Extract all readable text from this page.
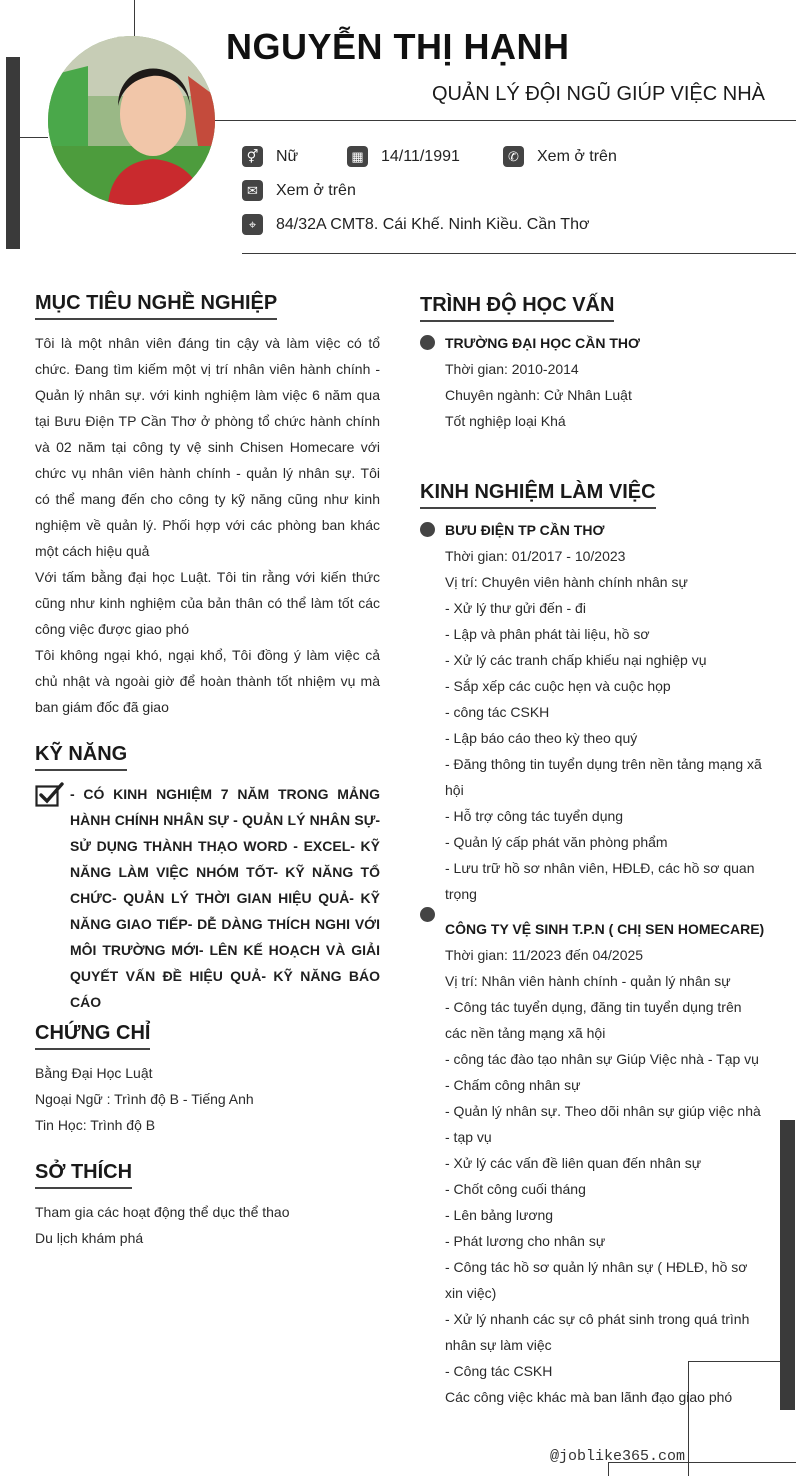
NGUYỄN THỊ HẠNH
QUẢN LÝ ĐỘI NGŨ GIÚP VIỆC NHÀ
⚥ Nữ	▦ 14/11/1991	✆	Xem ở trên
✉	Xem ở trên
⌖	84/32A CMT8. Cái Khế. Ninh Kiều. Cần Thơ
MỤC TIÊU NGHỀ NGHIỆP

Tôi là một nhân viên đáng tin cậy và làm việc có tổ chức. Đang tìm kiếm một vị trí nhân viên hành chính - Quản lý nhân sự. với kinh nghiệm làm việc 6 năm qua tại Bưu Điện TP Cần Thơ ở phòng tổ chức hành chính và 02 năm tại công ty vệ sinh Chisen Homecare với chức vụ nhân viên hành chính - quản lý nhân sự. Tôi có thể mang đến cho công ty kỹ năng cũng như kinh nghiệm về quản lý. Phối hợp với các phòng ban khác một cách hiệu quả

Với tấm bằng đại học Luật. Tôi tin rằng với kiến thức cũng như kinh nghiệm của bản thân có thể làm tốt các công việc được giao phó

Tôi không ngại khó, ngại khổ, Tôi đồng ý làm việc cả chủ nhật và ngoài giờ để hoàn thành tốt nhiệm vụ mà ban giám đốc đã giao

KỸ NĂNG
- CÓ KINH NGHIỆM 7 NĂM TRONG MẢNG HÀNH CHÍNH NHÂN SỰ - QUẢN LÝ NHÂN SỰ- SỬ DỤNG THÀNH THẠO WORD - EXCEL- KỸ NĂNG LÀM VIỆC NHÓM TỐT- KỸ NĂNG TỔ CHỨC- QUẢN LÝ THỜI GIAN HIỆU QUẢ- KỸ NĂNG GIAO TIẾP- DỄ DÀNG THÍCH NGHI VỚI MÔI TRƯỜNG MỚI- LÊN KẾ HOẠCH VÀ GIẢI QUYẾT VẤN ĐỀ HIỆU QUẢ- KỸ NĂNG BÁO CÁO
CHỨNG CHỈ
Bằng Đại Học Luật
Ngoại Ngữ : Trình độ B - Tiếng Anh
Tin Học: Trình độ B
SỞ THÍCH
Tham gia các hoạt động thể dục thể thao
Du lịch khám phá
TRÌNH ĐỘ HỌC VẤN
TRƯỜNG ĐẠI HỌC CẦN THƠ
Thời gian: 2010-2014
Chuyên ngành: Cử Nhân Luật
Tốt nghiệp loại Khá
KINH NGHIỆM LÀM VIỆC
BƯU ĐIỆN TP CẦN THƠ
Thời gian: 01/2017 - 10/2023
Vị trí: Chuyên viên hành chính nhân sự
- Xử lý thư gửi đến - đi
- Lập và phân phát tài liệu, hồ sơ
- Xử lý các tranh chấp khiếu nại nghiệp vụ
- Sắp xếp các cuộc hẹn và cuộc họp
- công tác CSKH
- Lập báo cáo theo kỳ theo quý
- Đăng thông tin tuyển dụng trên nền tảng mạng xã hội
- Hỗ trợ công tác tuyển dụng
- Quản lý cấp phát văn phòng phẩm
- Lưu trữ hồ sơ nhân viên, HĐLĐ, các hồ sơ quan trọng
CÔNG TY VỆ SINH T.P.N ( CHỊ SEN HOMECARE)
Thời gian: 11/2023 đến 04/2025
Vị trí: Nhân viên hành chính - quản lý nhân sự
- Công tác tuyển dụng, đăng tin tuyển dụng trên các nền tảng mạng xã hội
- công tác đào tạo nhân sự Giúp Việc nhà - Tạp vụ
- Chấm công nhân sự
- Quản lý nhân sự. Theo dõi nhân sự giúp việc nhà - tạp vụ
- Xử lý các vấn đề liên quan đến nhân sự
- Chốt công cuối tháng
- Lên bảng lương
- Phát lương cho nhân sự
- Công tác hồ sơ quản lý nhân sự ( HĐLĐ, hồ sơ xin việc)
- Xử lý nhanh các sự cô phát sinh trong quá trình nhân sự làm việc
- Công tác CSKH
Các công việc khác mà ban lãnh đạo giao phó
@joblike365.com
